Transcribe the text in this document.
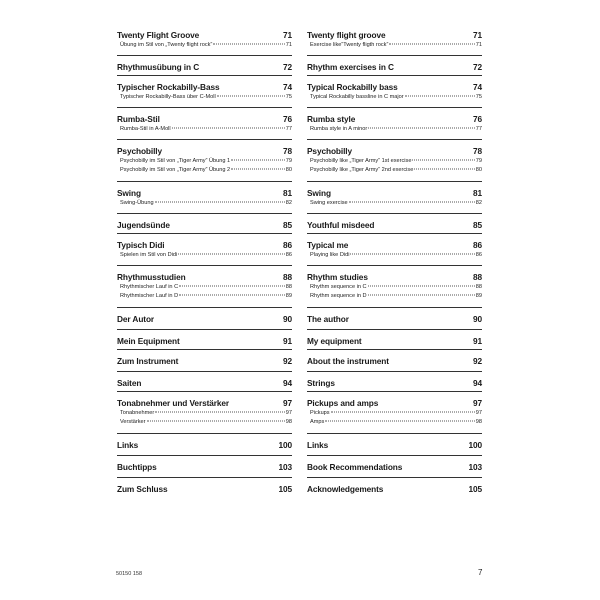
Twenty Flight Groove	71
Übung im Stil von „Twenty flight rock“	71
Rhythmusübung in C	72
Typischer Rockabilly-Bass	74
Typischer Rockabilly-Bass über C-Moll	75
Rumba-Stil	76
Rumba-Stil in A-Moll	77
Psychobilly	78
Psychobilly im Stil von „Tiger Army“ Übung 1	79
Psychobilly im Stil von „Tiger Army“ Übung 2	80
Swing	81
Swing-Übung	82
Jugendsünde	85
Typisch Didi	86
Spielen im Stil von Didi	86
Rhythmusstudien	88
Rhythmischer Lauf in C	88
Rhythmischer Lauf in D	89
Der Autor	90
Mein Equipment	91
Zum Instrument	92
Saiten	94
Tonabnehmer und Verstärker	97
Tonabnehmer	97
Verstärker	98
Links	100
Buchtipps	103
Zum Schluss	105
Twenty flight groove	71
Exercise like“Twenty fligth rock”	71
Rhythm exercises in C	72
Typical Rockabilly bass	74
Typical Rockabilly bassline in C major	75
Rumba style	76
Rumba style in A minor	77
Psychobilly	78
Psychobilly like „Tiger Army“ 1st exercise	79
Psychobilly like „Tiger Army“ 2nd exercise	80
Swing	81
Swing exercise	82
Youthful misdeed	85
Typical me	86
Playing like Didi	86
Rhythm studies	88
Rhythm sequence in C	88
Rhythm sequence in D	89
The author	90
My equipment	91
About the instrument	92
Strings	94
Pickups and amps	97
Pickups	97
Amps	98
Links	100
Book Recommendations	103
Acknowledgements	105
50150 158	7
